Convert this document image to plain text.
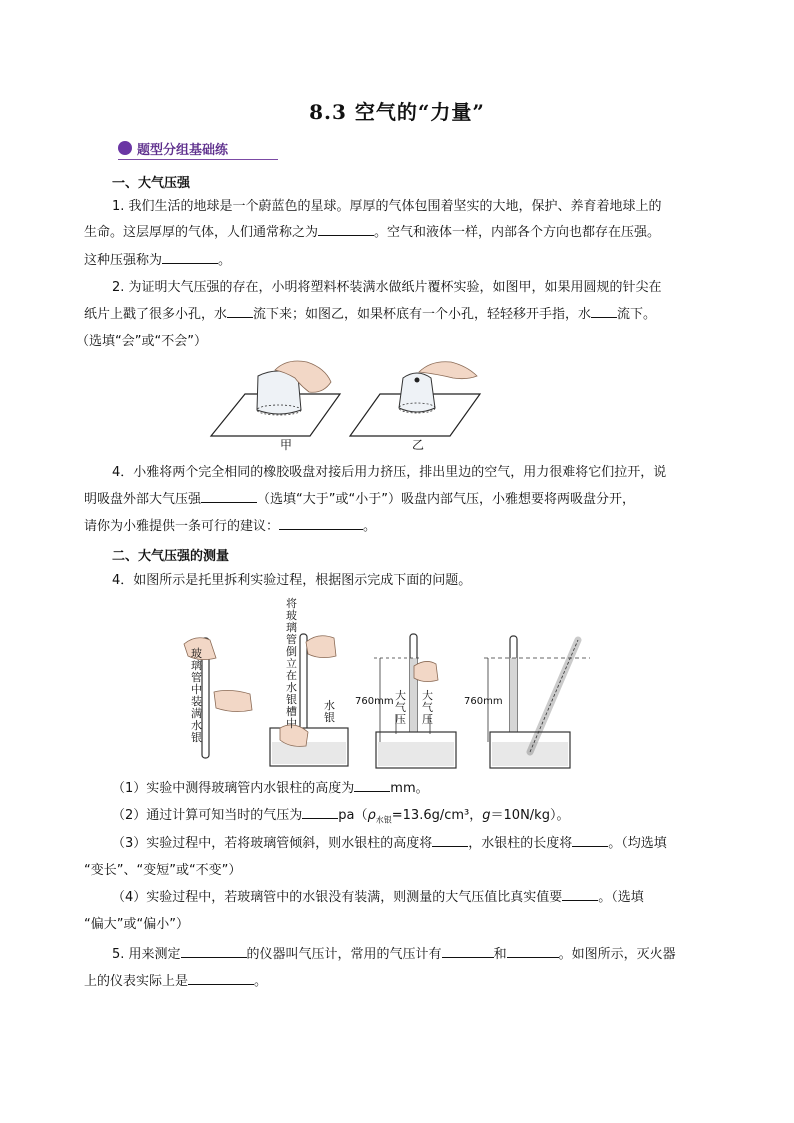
8.3 空气的“力量”
题型分组基础练
一、大气压强
1. 我们生活的地球是一个蔚蓝色的星球。厚厚的气体包围着坚实的大地，保护、养育着地球上的
生命。这层厚厚的气体，人们通常称之为	。空气和液体一样，内部各个方向也都存在压强。
这种压强称为	。
2. 为证明大气压强的存在，小明将塑料杯装满水做纸片覆杯实验，如图甲，如果用圆规的针尖在
纸片上戳了很多小孔，水 流下来；如图乙，如果杯底有一个小孔，轻轻移开手指，水 流下。
（选填“会”或“不会”）
甲	乙
4．小雅将两个完全相同的橡胶吸盘对接后用力挤压，排出里边的空气，用力很难将它们拉开，说
明吸盘外部大气压强	（选填“大于”或“小于”）吸盘内部气压，小雅想要将两吸盘分开，
请你为小雅提供一条可行的建议：	。
二、大气压强的测量
4．如图所示是托里拆利实验过程，根据图示完成下面的问题。
玻璃管中装满水银
将玻璃管倒立在水银槽中
水银
大气压
大气压
760mm	760mm
（1）实验中测得玻璃管内水银柱的高度为	mm。
（2）通过计算可知当时的气压为	$pa(\rho_{水银}=13.6g$/cm³，g＝10N/kg）。
（3）实验过程中，若将玻璃管倾斜，则水银柱的高度将	，水银柱的长度将	。（均选填
“变长”、“变短”或“不变”）
（4）实验过程中，若玻璃管中的水银没有装满，则测量的大气压值比真实值要	。（选填
“偏大”或“偏小”）
5. 用来测定	的仪器叫气压计，常用的气压计有	和	。如图所示，灭火器
上的仪表实际上是	。
